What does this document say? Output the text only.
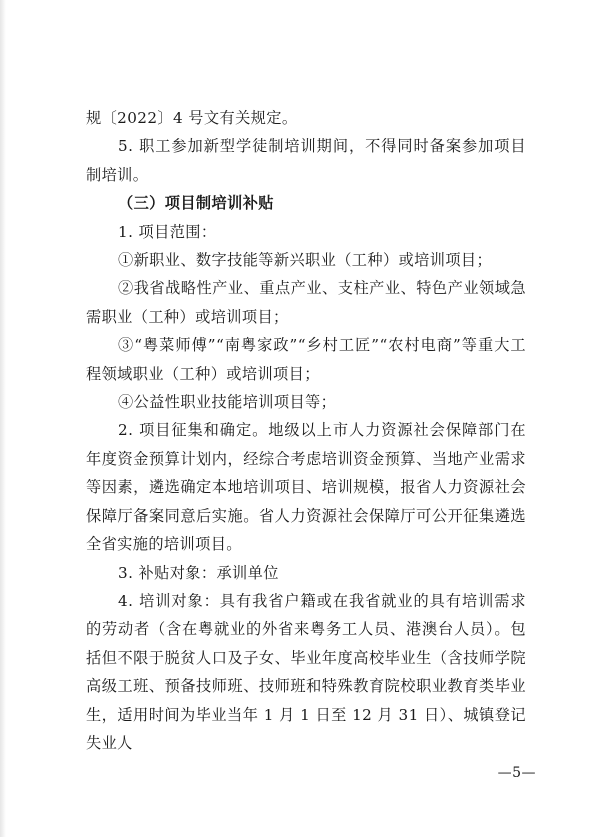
规〔2022〕4 号文有关规定。

5. 职工参加新型学徒制培训期间，不得同时备案参加项目制培训。

（三）项目制培训补贴

1. 项目范围：

①新职业、数字技能等新兴职业（工种）或培训项目；

②我省战略性产业、重点产业、支柱产业、特色产业领域急需职业（工种）或培训项目；

③“粤菜师傅”“南粤家政”“乡村工匠”“农村电商”等重大工程领域职业（工种）或培训项目；

④公益性职业技能培训项目等；

2. 项目征集和确定。地级以上市人力资源社会保障部门在年度资金预算计划内，经综合考虑培训资金预算、当地产业需求等因素，遴选确定本地培训项目、培训规模，报省人力资源社会保障厅备案同意后实施。省人力资源社会保障厅可公开征集遴选全省实施的培训项目。

3. 补贴对象：承训单位

4. 培训对象：具有我省户籍或在我省就业的具有培训需求的劳动者（含在粤就业的外省来粤务工人员、港澳台人员）。包括但不限于脱贫人口及子女、毕业年度高校毕业生（含技师学院高级工班、预备技师班、技师班和特殊教育院校职业教育类毕业生，适用时间为毕业当年 1 月 1 日至 12 月 31 日）、城镇登记失业人

—5—
